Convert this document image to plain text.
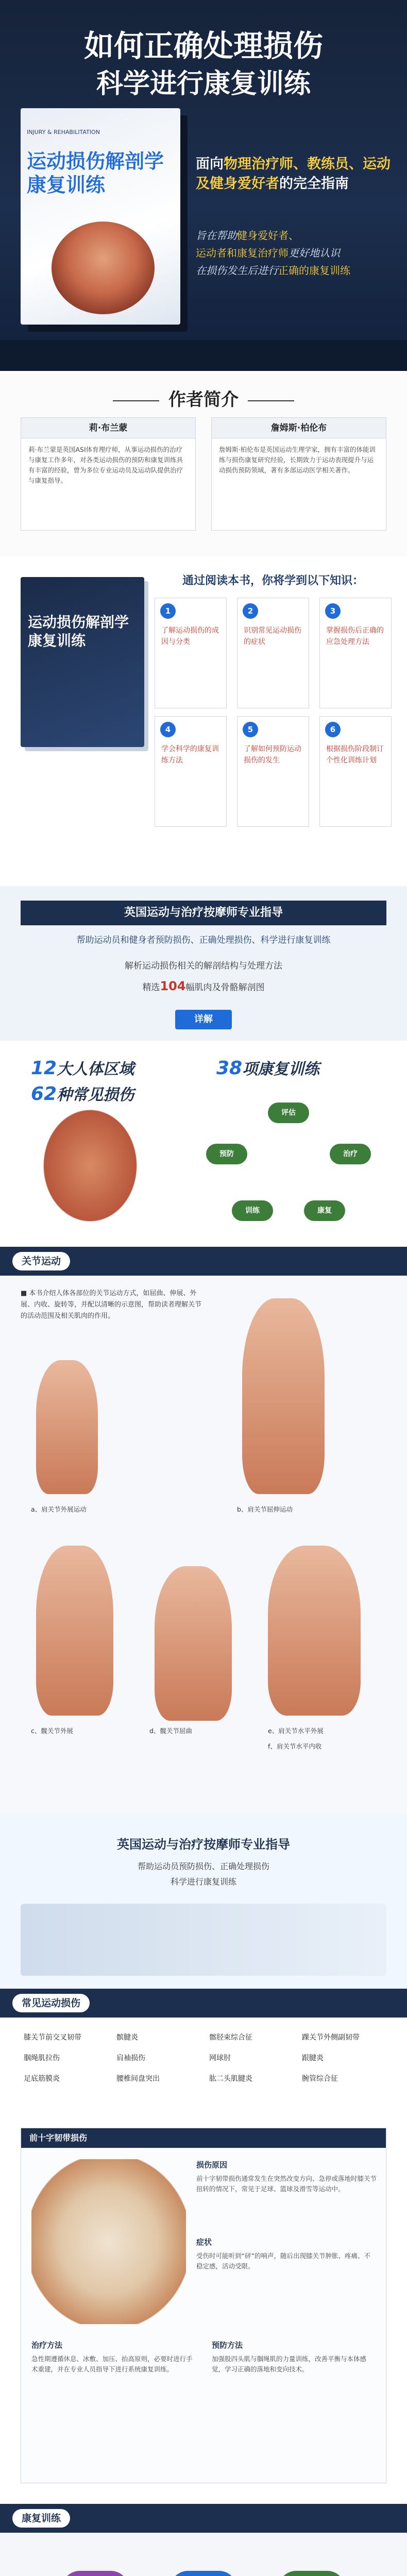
如何正确处理损伤
科学进行康复训练
INJURY & REHABILITATION
运动损伤解剖学 康复训练
面向物理治疗师、教练员、运动及健身爱好者的完全指南
旨在帮助健身爱好者、
运动者和康复治疗师更好地认识
在损伤发生后进行正确的康复训练
作者简介
莉·布兰蒙
莉·布兰蒙是英国ASI体育理疗师，从事运动损伤的治疗与康复工作多年，对各类运动损伤的预防和康复训练具有丰富的经验，曾为多位专业运动员及运动队提供治疗与康复指导。
詹姆斯·柏伦布
詹姆斯·柏伦布是英国运动生理学家，拥有丰富的体能训练与损伤康复研究经验，长期致力于运动表现提升与运动损伤预防领域，著有多部运动医学相关著作。
运动损伤解剖学 康复训练
通过阅读本书，你将学到以下知识：
1
了解运动损伤的成因与分类
2
识别常见运动损伤的症状
3
掌握损伤后正确的应急处理方法
4
学会科学的康复训练方法
5
了解如何预防运动损伤的发生
6
根据损伤阶段制订个性化训练计划
英国运动与治疗按摩师专业指导
帮助运动员和健身者预防损伤、正确处理损伤、科学进行康复训练
解析运动损伤相关的解剖结构与处理方法
精选104幅肌肉及骨骼解剖图
详解
12大人体区域
62种常见损伤
38项康复训练
评估
治疗
康复
训练
预防
关节运动
■ 本书介绍人体各部位的关节运动方式，如屈曲、伸展、外展、内收、旋转等，并配以清晰的示意图，帮助读者理解关节的活动范围及相关肌肉的作用。
a、肩关节外展运动	b、肩关节屈伸运动
c、髋关节外展	d、髋关节屈曲	e、肩关节水平外展
f、肩关节水平内收
英国运动与治疗按摩师专业指导
帮助运动员预防损伤、正确处理损伤
科学进行康复训练
常见运动损伤
膝关节前交叉韧带	髌腱炎	髂胫束综合征	踝关节外侧副韧带
腘绳肌拉伤	肩袖损伤	网球肘	跟腱炎
足底筋膜炎	腰椎间盘突出	肱二头肌腱炎	腕管综合征
前十字韧带损伤
损伤原因
前十字韧带损伤通常发生在突然改变方向、急停或落地时膝关节扭转的情况下，常见于足球、篮球及滑雪等运动中。
症状
受伤时可能听到“砰”的响声，随后出现膝关节肿胀、疼痛、不稳定感，活动受限。
治疗方法
急性期遵循休息、冰敷、加压、抬高原则，必要时进行手术重建，并在专业人员指导下进行系统康复训练。
预防方法
加强股四头肌与腘绳肌的力量训练，改善平衡与本体感觉，学习正确的落地和变向技术。
康复训练
